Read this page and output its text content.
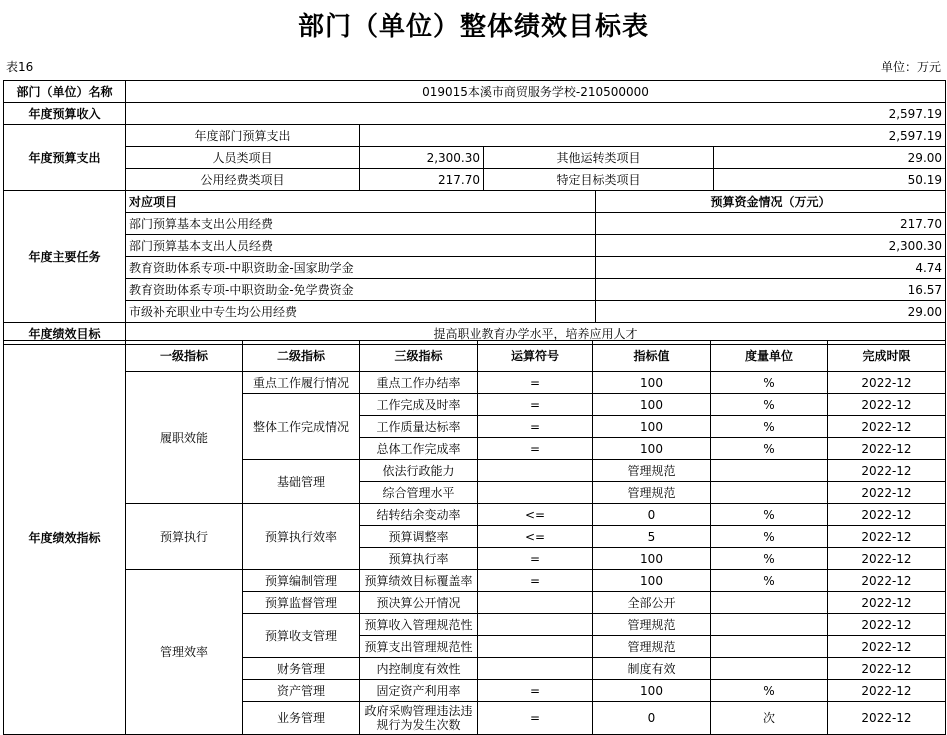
部门（单位）整体绩效目标表
表16	单位：万元
部门（单位）名称	019015本溪市商贸服务学校-210500000				
年度预算收入	2,597.19				
年度预算支出	年度部门预算支出	2,597.19			
	人员类项目	2,300.30	其他运转类项目		29.00
	公用经费类项目	217.70	特定目标类项目		50.19
年度主要任务	对应项目			预算资金情况（万元）	
	部门预算基本支出公用经费			217.70	
	部门预算基本支出人员经费			2,300.30	
	教育资助体系专项-中职资助金-国家助学金			4.74	
	教育资助体系专项-中职资助金-免学费资金			16.57	
	市级补充职业中专生均公用经费			29.00	
年度绩效目标	提高职业教育办学水平，培养应用人才				
年度绩效指标	一级指标	二级指标	三级指标	运算符号	指标值	度量单位	完成时限
	履职效能	重点工作履行情况	重点工作办结率	=	100	%	2022-12
		整体工作完成情况	工作完成及时率	=	100	%	2022-12
			工作质量达标率	=	100	%	2022-12
			总体工作完成率	=	100	%	2022-12
		基础管理	依法行政能力		管理规范		2022-12
			综合管理水平		管理规范		2022-12
	预算执行	预算执行效率	结转结余变动率	<=	0	%	2022-12
			预算调整率	<=	5	%	2022-12
			预算执行率	=	100	%	2022-12
	管理效率	预算编制管理	预算绩效目标覆盖率	=	100	%	2022-12
		预算监督管理	预决算公开情况		全部公开		2022-12
		预算收支管理	预算收入管理规范性		管理规范		2022-12
			预算支出管理规范性		管理规范		2022-12
		财务管理	内控制度有效性		制度有效		2022-12
		资产管理	固定资产利用率	=	100	%	2022-12
		业务管理	政府采购管理违法违规行为发生次数	=	0	次	2022-12
